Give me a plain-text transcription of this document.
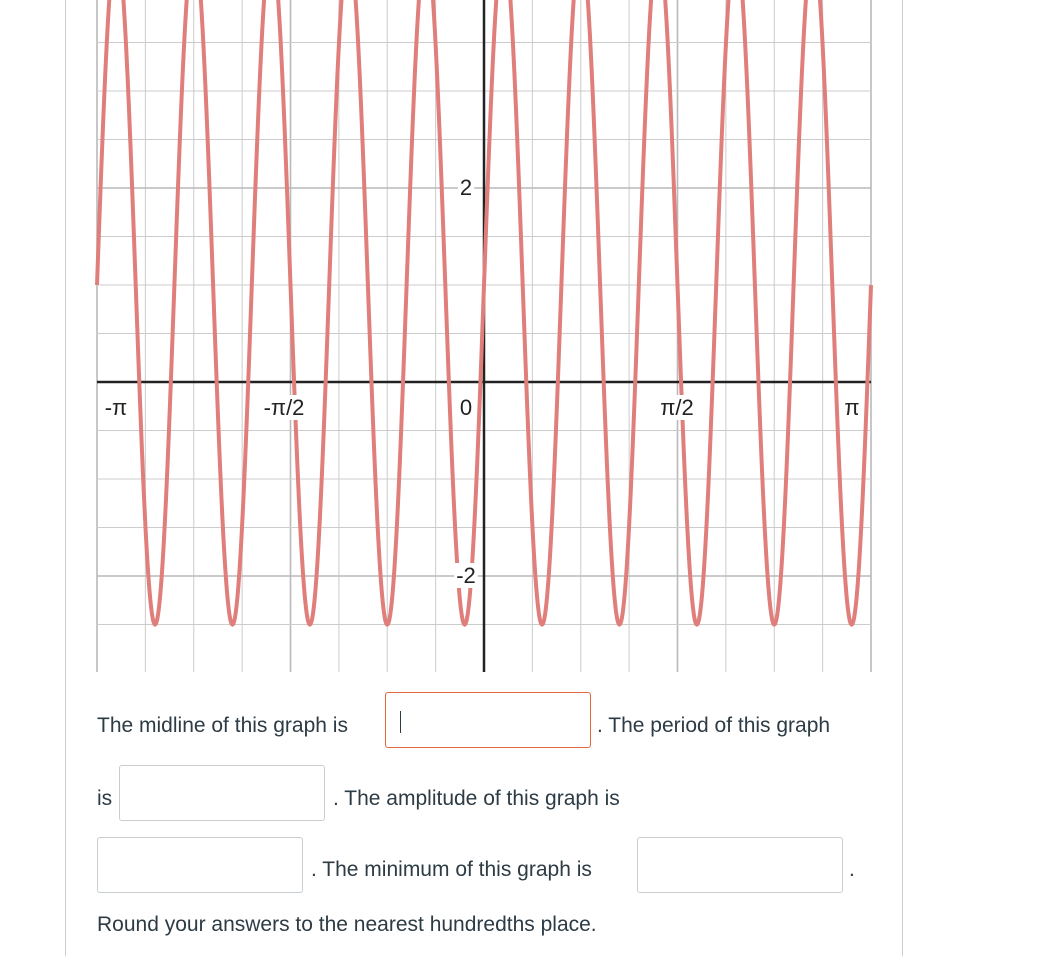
-π	-π/2	0	π/2	π
2
-2
The midline of this graph is	. The period of this graph
is	. The amplitude of this graph is
. The minimum of this graph is	.
Round your answers to the nearest hundredths place.
